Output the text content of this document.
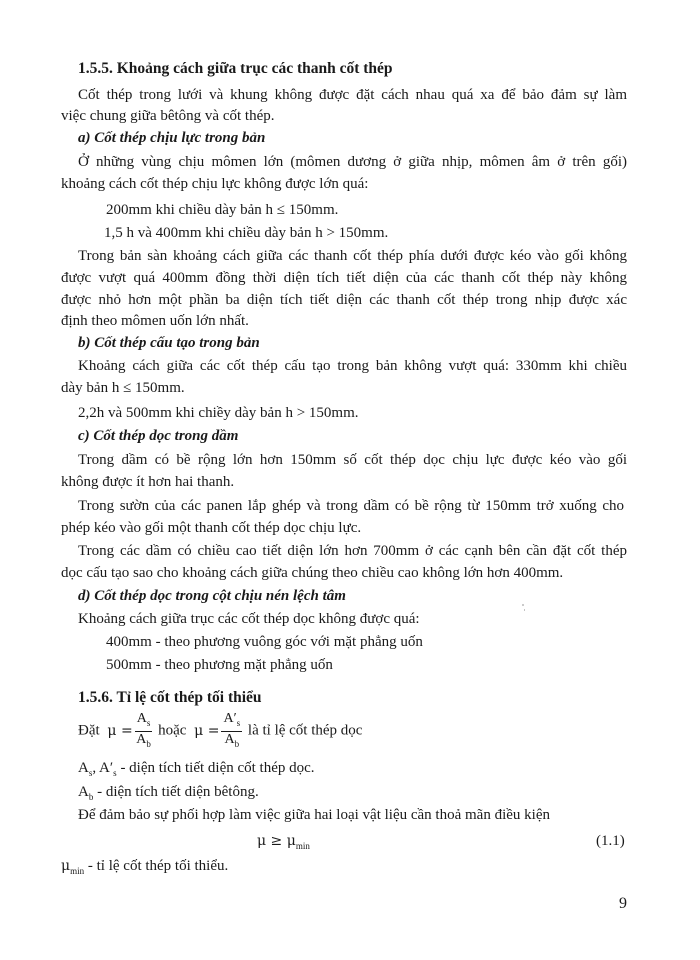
1.5.5. Khoảng cách giữa trục các thanh cốt thép
Cốt thép trong lưới và khung không được đặt cách nhau quá xa để bảo đảm sự làm
việc chung giữa bêtông và cốt thép.
a) Cốt thép chịu lực trong bản
Ở những vùng chịu mômen lớn (mômen dương ở giữa nhịp, mômen âm ở trên gối)
khoảng cách cốt thép chịu lực không được lớn quá:
200mm khi chiều dày bản h ≤ 150mm.
1,5 h và 400mm khi chiều dày bản h > 150mm.
Trong bản sàn khoảng cách giữa các thanh cốt thép phía dưới được kéo vào gối không
được vượt quá 400mm đồng thời diện tích tiết diện của các thanh cốt thép này không
được nhỏ hơn một phần ba diện tích tiết diện các thanh cốt thép trong nhịp được xác
định theo mômen uốn lớn nhất.
b) Cốt thép cấu tạo trong bản
Khoảng cách giữa các cốt thép cấu tạo trong bản không vượt quá: 330mm khi chiều
dày bản h ≤ 150mm.
2,2h và 500mm khi chiềy dày bản h > 150mm.
c) Cốt thép dọc trong dầm
Trong dầm có bề rộng lớn hơn 150mm số cốt thép dọc chịu lực được kéo vào gối
không được ít hơn hai thanh.
Trong sườn của các panen lắp ghép và trong dầm có bề rộng từ 150mm trở xuống cho
phép kéo vào gối một thanh cốt thép dọc chịu lực.
Trong các dầm có chiều cao tiết diện lớn hơn 700mm ở các cạnh bên cần đặt cốt thép
dọc cấu tạo sao cho khoảng cách giữa chúng theo chiều cao không lớn hơn 400mm.
d) Cốt thép dọc trong cột chịu nén lệch tâm
Khoảng cách giữa trục các cốt thép dọc không được quá:
400mm - theo phương vuông góc với mặt phẳng uốn
500mm - theo phương mặt phẳng uốn
1.5.6. Tỉ lệ cốt thép tối thiểu
Đặt $\mu = \frac{A_s}{A_b}$ hoặc $\mu = \frac{A'_s}{A_b}$ là tỉ lệ cốt thép dọc
$A_s$, $A'_s$ - diện tích tiết diện cốt thép dọc.
$A_b$ - diện tích tiết diện bêtông.
Để đảm bảo sự phối hợp làm việc giữa hai loại vật liệu cần thoả mãn điều kiện
$\mu \ge \mu_{min}$	(1.1)
$\mu_{min}$ - tỉ lệ cốt thép tối thiểu.
9
